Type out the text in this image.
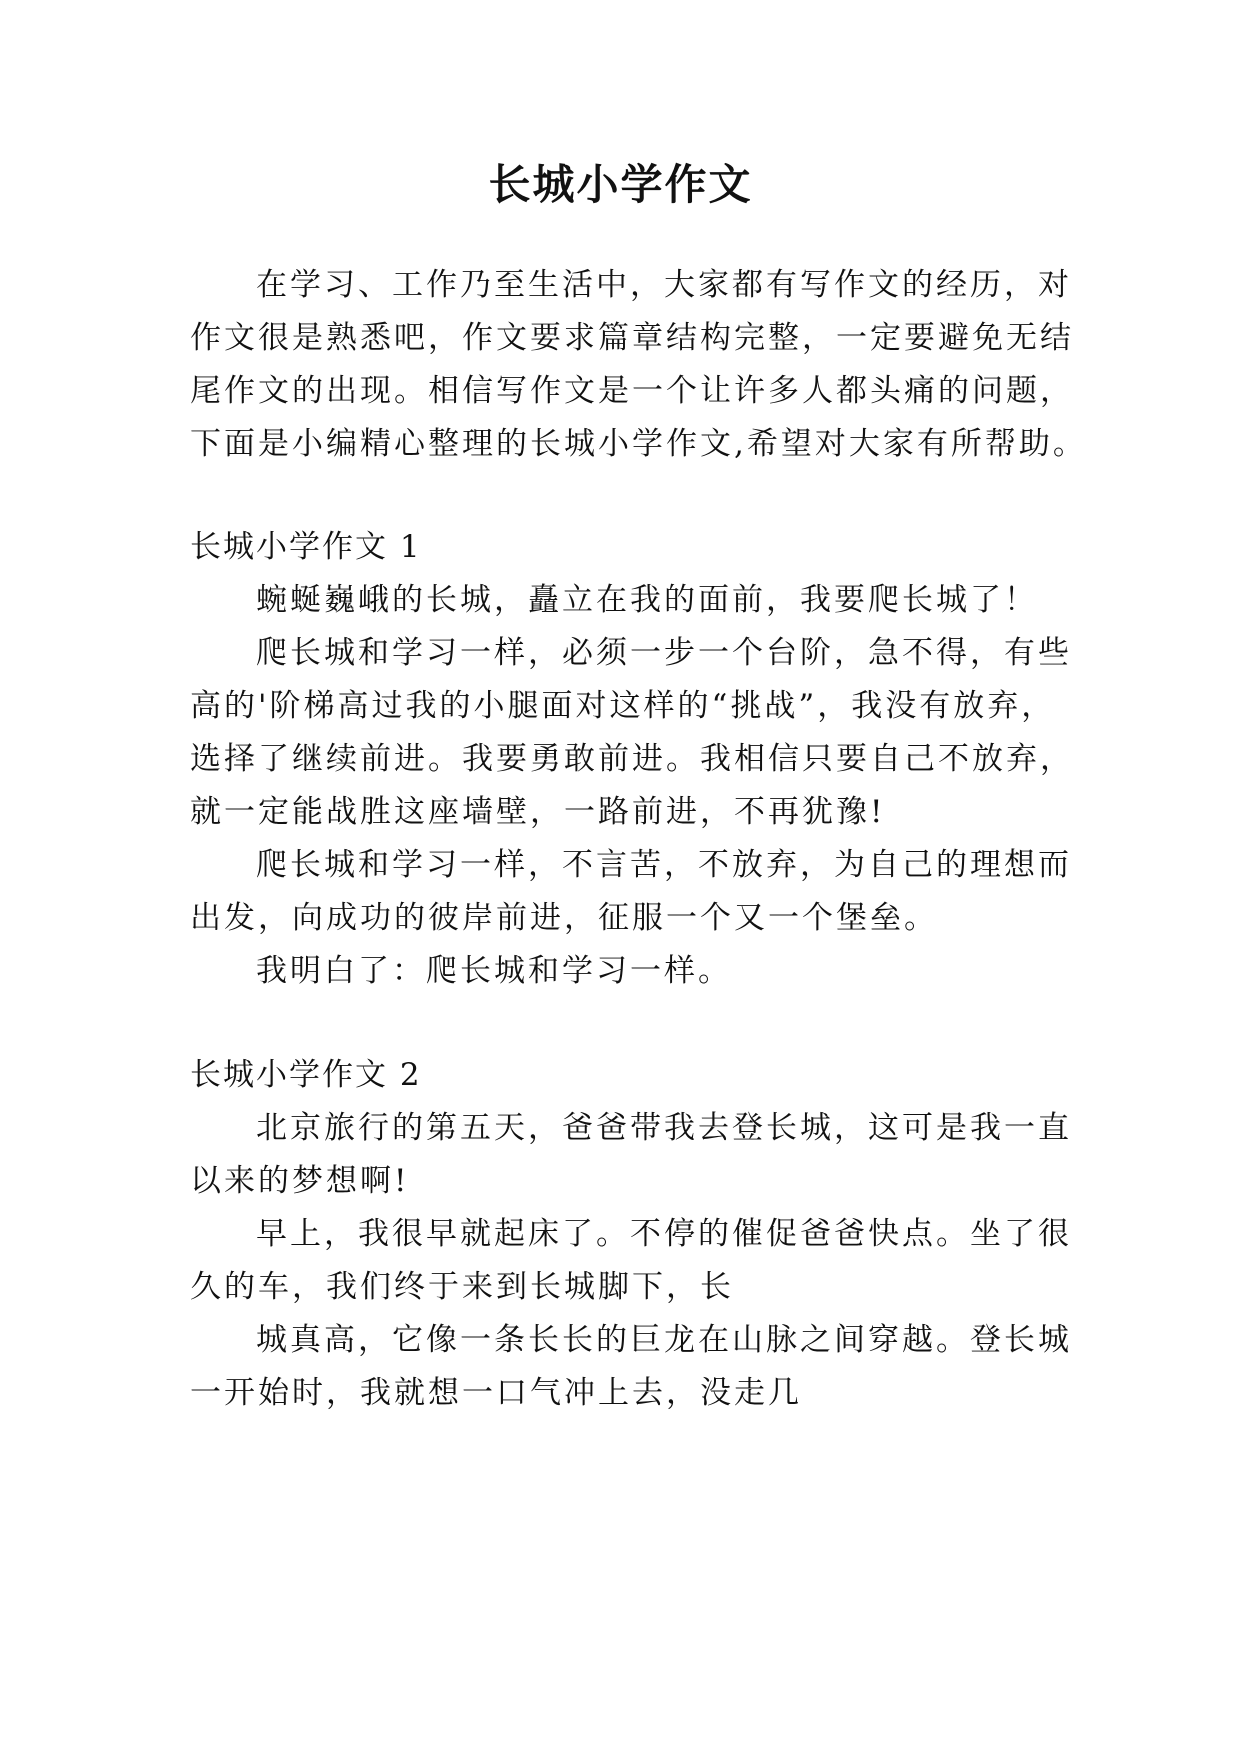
长城小学作文
在学习、工作乃至生活中，大家都有写作文的经历，对
作文很是熟悉吧，作文要求篇章结构完整，一定要避免无结
尾作文的出现。相信写作文是一个让许多人都头痛的问题，
下面是小编精心整理的长城小学作文,希望对大家有所帮助。
长城小学作文 1
蜿蜒巍峨的长城，矗立在我的面前，我要爬长城了！
爬长城和学习一样，必须一步一个台阶，急不得，有些
高的'阶梯高过我的小腿面对这样的“挑战”，我没有放弃，
选择了继续前进。我要勇敢前进。我相信只要自己不放弃，
就一定能战胜这座墙壁，一路前进，不再犹豫!
爬长城和学习一样，不言苦，不放弃，为自己的理想而
出发，向成功的彼岸前进，征服一个又一个堡垒。
我明白了：爬长城和学习一样。
长城小学作文 2
北京旅行的第五天，爸爸带我去登长城，这可是我一直
以来的梦想啊!
早上，我很早就起床了。不停的催促爸爸快点。坐了很
久的车，我们终于来到长城脚下，长
城真高，它像一条长长的巨龙在山脉之间穿越。登长城
一开始时，我就想一口气冲上去，没走几
